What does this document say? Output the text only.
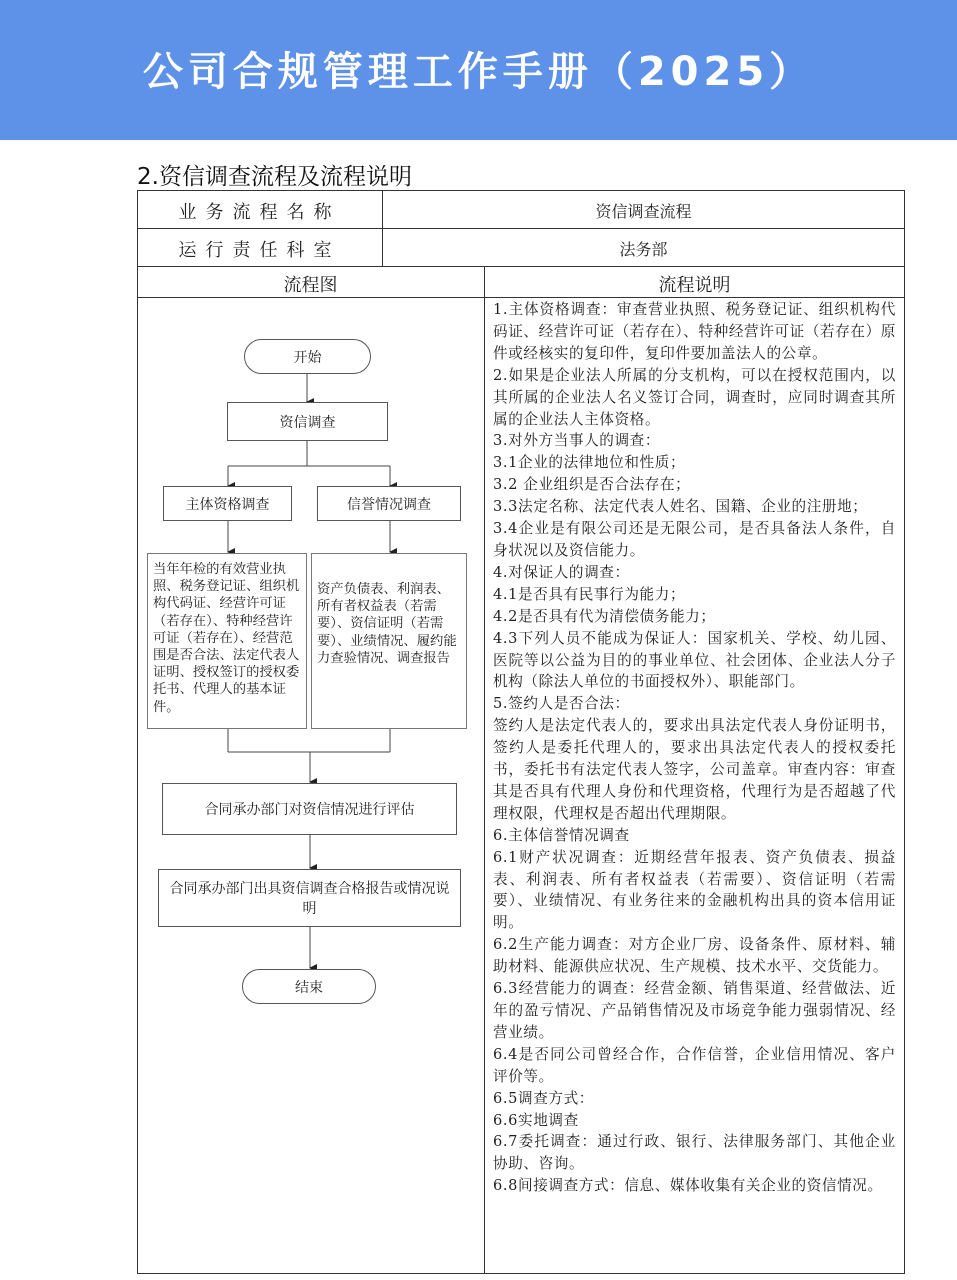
公司合规管理工作手册（2025）
2.资信调查流程及流程说明
业务流程名称	资信调查流程
运行责任科室	法务部
流程图	流程说明
开始
资信调查
主体资格调查	信誉情况调查
当年年检的有效营业执照、税务登记证、组织机构代码证、经营许可证（若存在）、特种经营许可证（若存在）、经营范围是否合法、法定代表人证明、授权签订的授权委托书、代理人的基本证件。
资产负债表、利润表、所有者权益表（若需要）、资信证明（若需要）、业绩情况、履约能力查验情况、调查报告
合同承办部门对资信情况进行评估
合同承办部门出具资信调查合格报告或情况说明
结束

1.主体资格调查：审查营业执照、税务登记证、组织机构代码证、经营许可证（若存在）、特种经营许可证（若存在）原件或经核实的复印件，复印件要加盖法人的公章。

2.如果是企业法人所属的分支机构，可以在授权范围内，以其所属的企业法人名义签订合同，调查时，应同时调查其所属的企业法人主体资格。

3.对外方当事人的调查：

3.1企业的法律地位和性质；

3.2 企业组织是否合法存在；

3.3法定名称、法定代表人姓名、国籍、企业的注册地；

3.4企业是有限公司还是无限公司，是否具备法人条件，自身状况以及资信能力。

4.对保证人的调查：

4.1是否具有民事行为能力；

4.2是否具有代为清偿债务能力；

4.3下列人员不能成为保证人：国家机关、学校、幼儿园、医院等以公益为目的的事业单位、社会团体、企业法人分子机构（除法人单位的书面授权外）、职能部门。

5.签约人是否合法：

签约人是法定代表人的，要求出具法定代表人身份证明书，签约人是委托代理人的，要求出具法定代表人的授权委托书，委托书有法定代表人签字，公司盖章。审查内容：审查其是否具有代理人身份和代理资格，代理行为是否超越了代理权限，代理权是否超出代理期限。

6.主体信誉情况调查

6.1财产状况调查：近期经营年报表、资产负债表、损益表、利润表、所有者权益表（若需要）、资信证明（若需要）、业绩情况、有业务往来的金融机构出具的资本信用证明。

6.2生产能力调查：对方企业厂房、设备条件、原材料、辅助材料、能源供应状况、生产规模、技术水平、交货能力。

6.3经营能力的调查：经营金额、销售渠道、经营做法、近年的盈亏情况、产品销售情况及市场竞争能力强弱情况、经营业绩。

6.4是否同公司曾经合作，合作信誉，企业信用情况、客户评价等。

6.5调查方式：

6.6实地调查

6.7委托调查：通过行政、银行、法律服务部门、其他企业协助、咨询。

6.8间接调查方式：信息、媒体收集有关企业的资信情况。
